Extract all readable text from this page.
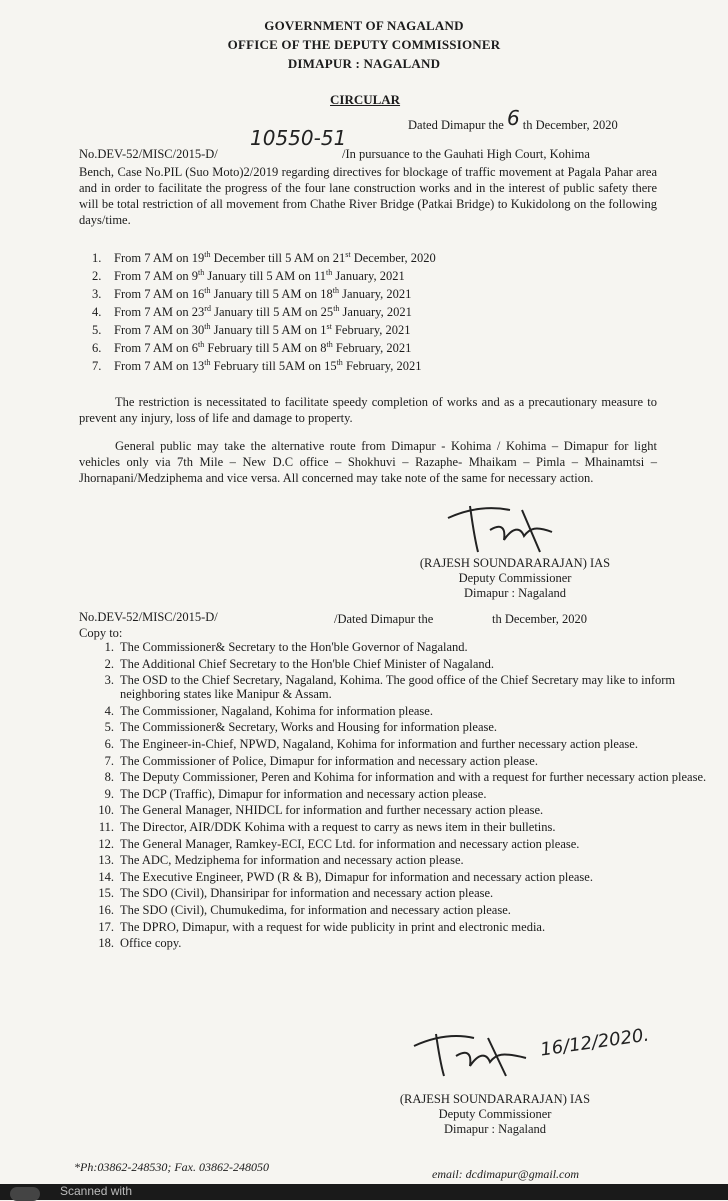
GOVERNMENT OF NAGALAND
OFFICE OF THE DEPUTY COMMISSIONER
DIMAPUR : NAGALAND
CIRCULAR
Dated Dimapur the 6 th December, 2020
No.DEV-52/MISC/2015-D/
10550-51
/In pursuance to the Gauhati High Court, Kohima
Bench, Case No.PIL (Suo Moto)2/2019 regarding directives for blockage of traffic movement at Pagala Pahar area and in order to facilitate the progress of the four lane construction works and in the interest of public safety there will be total restriction of all movement from Chathe River Bridge (Patkai Bridge) to Kukidolong on the following days/time.
1. From 7 AM on 19th December till 5 AM on 21st December, 2020
2. From 7 AM on 9th January till 5 AM on 11th January, 2021
3. From 7 AM on 16th January till 5 AM on 18th January, 2021
4. From 7 AM on 23rd January till 5 AM on 25th January, 2021
5. From 7 AM on 30th January till 5 AM on 1st February, 2021
6. From 7 AM on 6th February till 5 AM on 8th February, 2021
7. From 7 AM on 13th February till 5AM on 15th February, 2021
The restriction is necessitated to facilitate speedy completion of works and as a precautionary measure to prevent any injury, loss of life and damage to property.
General public may take the alternative route from Dimapur - Kohima / Kohima – Dimapur for light vehicles only via 7th Mile – New D.C office – Shokhuvi – Razaphe- Mhaikam – Pimla – Mhainamtsi – Jhornapani/Medziphema and vice versa. All concerned may take note of the same for necessary action.
(RAJESH SOUNDARARAJAN) IAS
Deputy Commissioner
Dimapur : Nagaland
No.DEV-52/MISC/2015-D/	/Dated Dimapur the	th December, 2020
Copy to:
1. The Commissioner& Secretary to the Hon'ble Governor of Nagaland.
2. The Additional Chief Secretary to the Hon'ble Chief Minister of Nagaland.
3. The OSD to the Chief Secretary, Nagaland, Kohima. The good office of the Chief Secretary may like to inform neighboring states like Manipur & Assam.
4. The Commissioner, Nagaland, Kohima for information please.
5. The Commissioner& Secretary, Works and Housing for information please.
6. The Engineer-in-Chief, NPWD, Nagaland, Kohima for information and further necessary action please.
7. The Commissioner of Police, Dimapur for information and necessary action please.
8. The Deputy Commissioner, Peren and Kohima for information and with a request for further necessary action please.
9. The DCP (Traffic), Dimapur for information and necessary action please.
10. The General Manager, NHIDCL for information and further necessary action please.
11. The Director, AIR/DDK Kohima with a request to carry as news item in their bulletins.
12. The General Manager, Ramkey-ECI, ECC Ltd. for information and necessary action please.
13. The ADC, Medziphema for information and necessary action please.
14. The Executive Engineer, PWD (R & B), Dimapur for information and necessary action please.
15. The SDO (Civil), Dhansiripar for information and necessary action please.
16. The SDO (Civil), Chumukedima, for information and necessary action please.
17. The DPRO, Dimapur, with a request for wide publicity in print and electronic media.
18. Office copy.
16/12/2020.
(RAJESH SOUNDARARAJAN) IAS
Deputy Commissioner
Dimapur : Nagaland
*Ph:03862-248530; Fax. 03862-248050	email: dcdimapur@gmail.com
Scanned with
